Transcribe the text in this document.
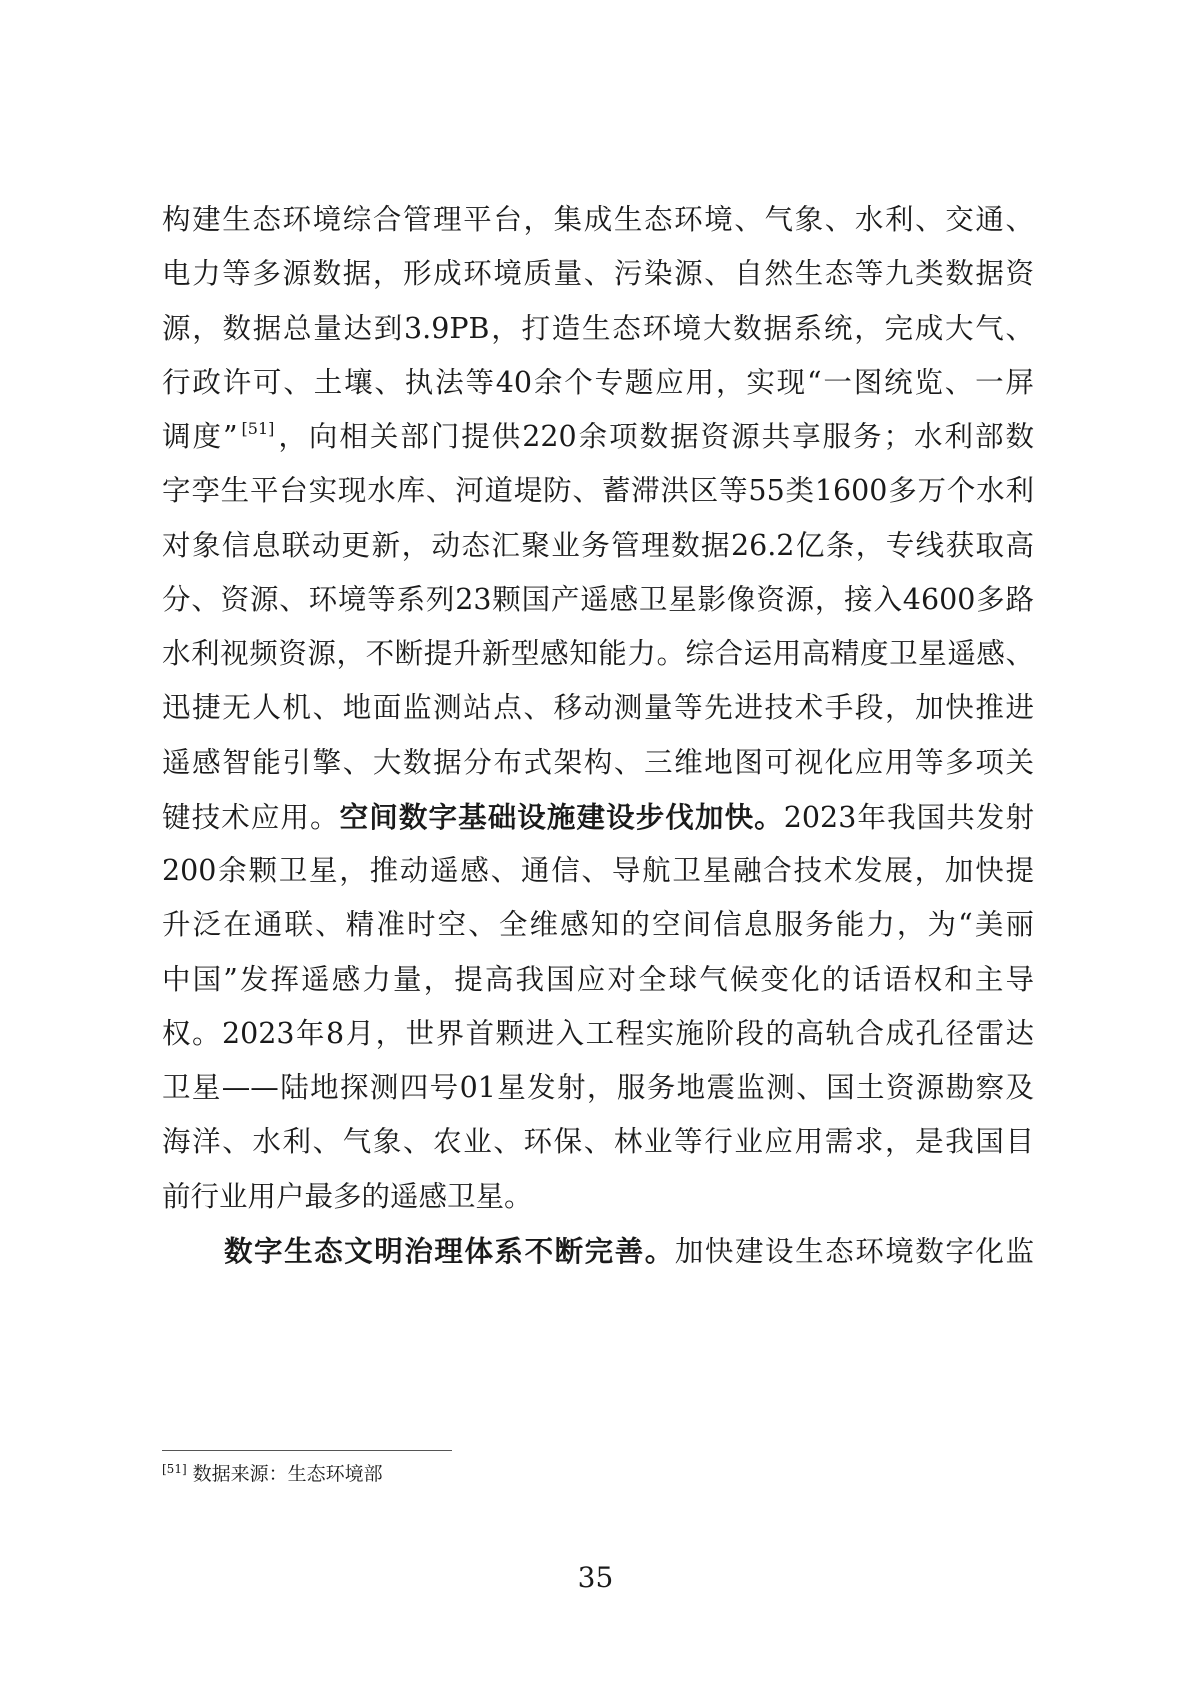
构建生态环境综合管理平台，集成生态环境、气象、水利、交通、
电力等多源数据，形成环境质量、污染源、自然生态等九类数据资
源，数据总量达到3.9PB，打造生态环境大数据系统，完成大气、
行政许可、土壤、执法等40余个专题应用，实现“一图统览、一屏
调度” [51]，向相关部门提供220余项数据资源共享服务；水利部数
字孪生平台实现水库、河道堤防、蓄滞洪区等55类1600多万个水利
对象信息联动更新，动态汇聚业务管理数据26.2亿条，专线获取高
分、资源、环境等系列23颗国产遥感卫星影像资源，接入4600多路
水利视频资源，不断提升新型感知能力。综合运用高精度卫星遥感、
迅捷无人机、地面监测站点、移动测量等先进技术手段，加快推进
遥感智能引擎、大数据分布式架构、三维地图可视化应用等多项关
键技术应用。空间数字基础设施建设步伐加快。2023年我国共发射
200余颗卫星，推动遥感、通信、导航卫星融合技术发展，加快提
升泛在通联、精准时空、全维感知的空间信息服务能力，为“美丽
中国”发挥遥感力量，提高我国应对全球气候变化的话语权和主导
权。2023年8月，世界首颗进入工程实施阶段的高轨合成孔径雷达
卫星——陆地探测四号01星发射，服务地震监测、国土资源勘察及
海洋、水利、气象、农业、环保、林业等行业应用需求，是我国目
前行业用户最多的遥感卫星。
数字生态文明治理体系不断完善。加快建设生态环境数字化监
[51] 数据来源：生态环境部
35
